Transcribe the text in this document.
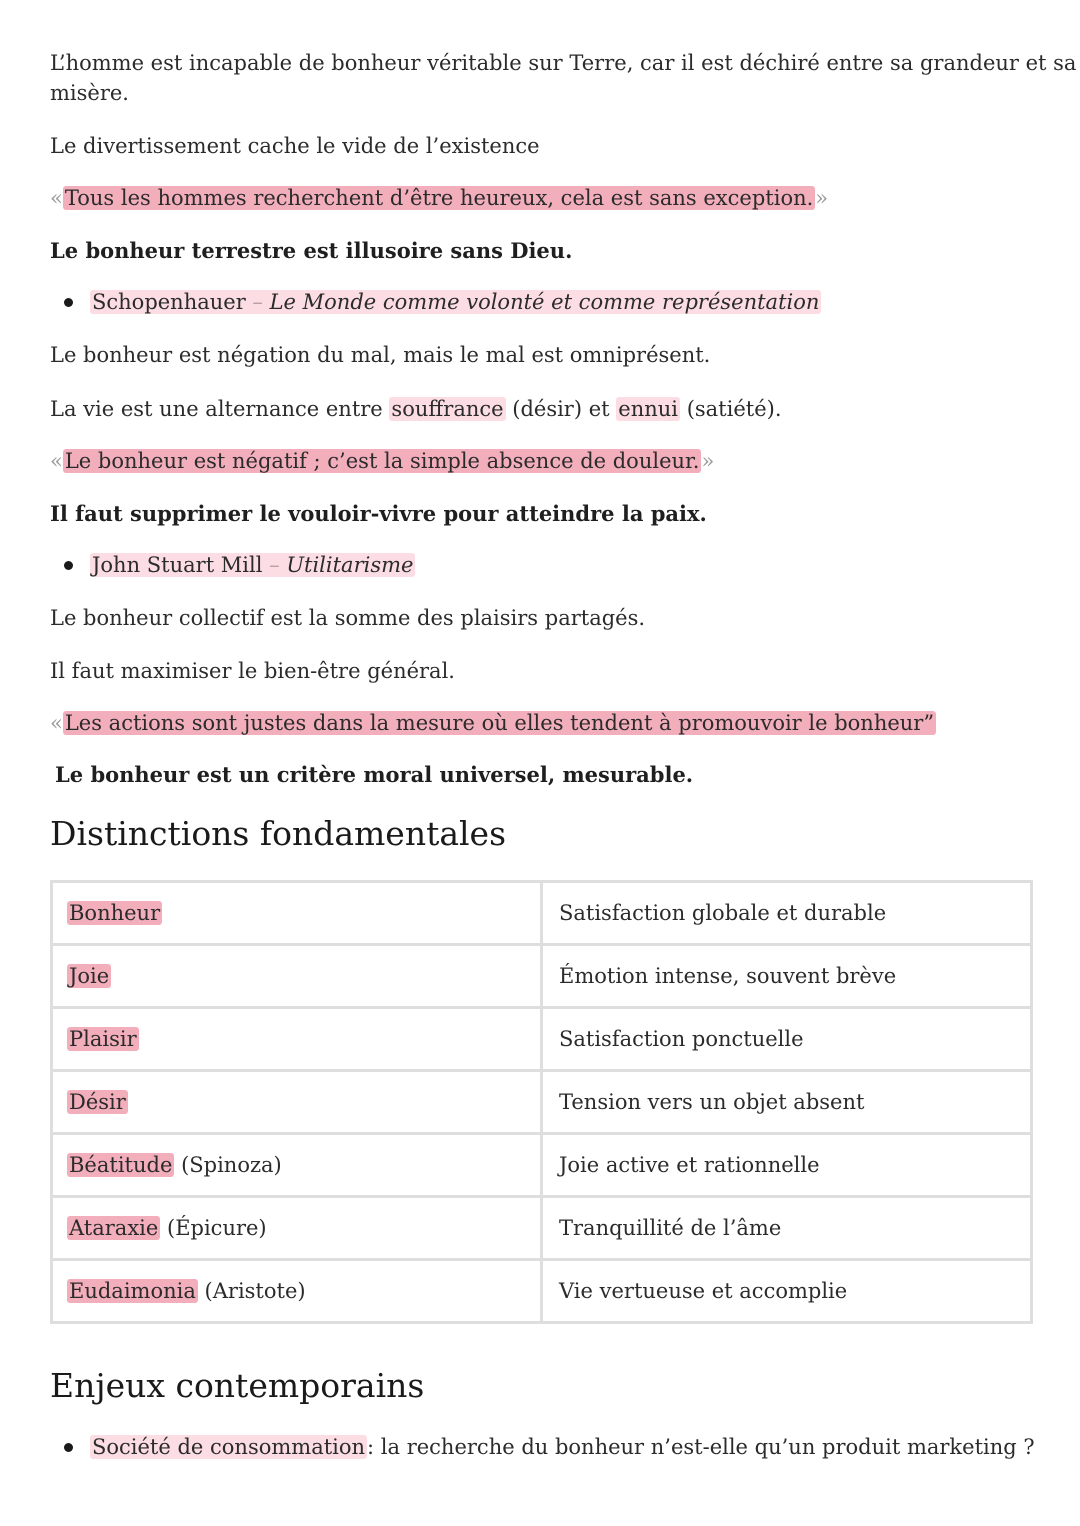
L’homme est incapable de bonheur véritable sur Terre, car il est déchiré entre sa grandeur et sa

misère.

Le divertissement cache le vide de l’existence

«Tous les hommes recherchent d’être heureux, cela est sans exception.»

Le bonheur terrestre est illusoire sans Dieu.

Schopenhauer – Le Monde comme volonté et comme représentation

Le bonheur est négation du mal, mais le mal est omniprésent.

La vie est une alternance entre souffrance (désir) et ennui (satiété).

«Le bonheur est négatif ; c’est la simple absence de douleur.»

Il faut supprimer le vouloir-vivre pour atteindre la paix.

John Stuart Mill – Utilitarisme

Le bonheur collectif est la somme des plaisirs partagés.

Il faut maximiser le bien-être général.

«Les actions sont justes dans la mesure où elles tendent à promouvoir le bonheur”

Le bonheur est un critère moral universel, mesurable.

Distinctions fondamentales
Bonheur	Satisfaction globale et durable
Joie	Émotion intense, souvent brève
Plaisir	Satisfaction ponctuelle
Désir	Tension vers un objet absent
Béatitude (Spinoza)	Joie active et rationnelle
Ataraxie (Épicure)	Tranquillité de l’âme
Eudaimonia (Aristote)	Vie vertueuse et accomplie
Enjeux contemporains

Société de consommation: la recherche du bonheur n’est-elle qu’un produit marketing ?
